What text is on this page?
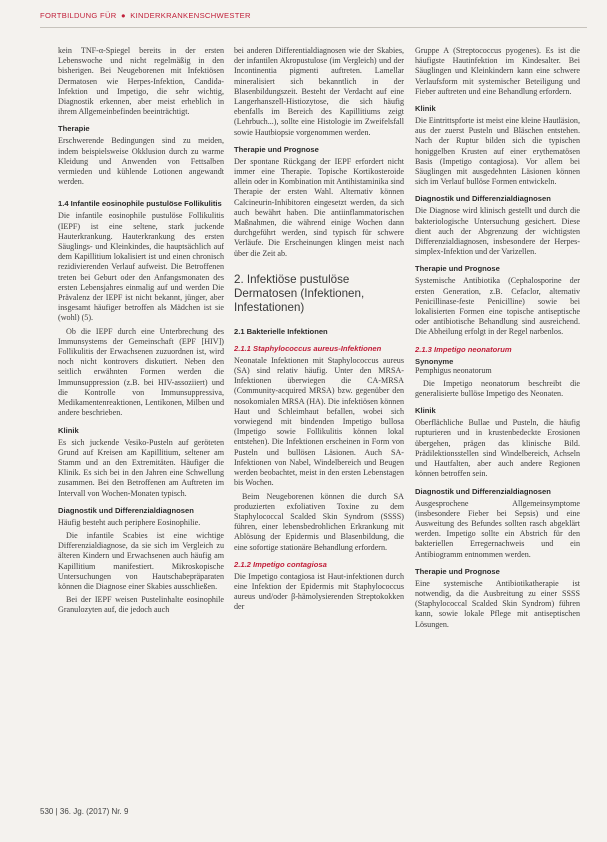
FORTBILDUNG FÜR ● KINDERKRANKENSCHWESTER

kein TNF-α-Spiegel bereits in der ersten Lebenswoche und nicht regelmäßig in den bisherigen. Bei Neugeborenen mit Infektiösen Dermatosen wie Herpes-Infektion, Candida-Infektion und Impetigo, die sehr wichtig, Diagnostik erkennen, aber meist erheblich in ihrem Allgemeinbefinden beeinträchtigt.

Therapie

Erschwerende Bedingungen sind zu meiden, indem beispielsweise Okklusion durch zu warme Kleidung und Anwenden von Fettsalben vermieden und kühlende Lotionen angewandt werden.

1.4 Infantile eosinophile pustulöse Follikulitis

Die infantile eosinophile pustulöse Follikulitis (IEPF) ist eine seltene, stark juckende Hauterkrankung. Hauterkrankung des ersten Säuglings- und Kleinkindes, die hauptsächlich auf dem Kapillitium lokalisiert ist und einen chronisch rezidivierenden Verlauf aufweist. Die Betroffenen treten bei Geburt oder den Anfangsmonaten des ersten Lebensjahres einmalig auf und werden Die Prävalenz der IEPF ist nicht bekannt, jünger, aber insgesamt häufiger betroffen als Mädchen ist sie (wohl) (5).

Ob die IEPF durch eine Unterbrechung des Immunsystems der Gemeinschaft (EPF [HIV]) Follikulitis der Erwachsenen zuzuordnen ist, wird noch nicht kontrovers diskutiert. Neben den seitlich erwähnten Formen werden die Immunsuppression (z.B. bei HIV-assoziiert) und die Kontrolle von Immunsuppressiva, Medikamentenreaktionen, Lentikonen, Milben und andere beschrieben.

Klinik

Es sich juckende Vesiko-Pusteln auf geröteten Grund auf Kreisen am Kapillitium, seltener am Stamm und an den Extremitäten. Häufiger die Klinik. Es sich bei in den Jahren eine Schwellung zusammen. Bei den Betroffenen am Auftreten im Intervall von Wochen-Monaten typisch.

Diagnostik und Differenzialdiagnosen

Häufig besteht auch periphere Eosinophilie.

Die infantile Scabies ist eine wichtige Differenzialdiagnose, da sie sich im Vergleich zu älteren Kindern und Erwachsenen auch häufig am Kapillitium manifestiert. Mikroskopische Untersuchungen von Hautschabepräparaten können die Diagnose einer Skabies ausschließen.

Bei der IEPF weisen Pustelinhalte eosinophile Granulozyten auf, die jedoch auch

bei anderen Differentialdiagnosen wie der Skabies, der infantilen Akropustulose (im Vergleich) und der Incontinentia pigmenti auftreten. Lamellar mineralisiert sich bekanntlich in der Blasenbildungszeit. Besteht der Verdacht auf eine Langerhanszell-Histiozytose, die sich häufig ebenfalls im Bereich des Kapillitiums zeigt (Lehrbuch...), sollte eine Histologie im Zweifelsfall sowie Hautbiopsie vorgenommen werden.

Therapie und Prognose

Der spontane Rückgang der IEPF erfordert nicht immer eine Therapie. Topische Kortikosteroide allein oder in Kombination mit Antihistaminika sind Therapie der ersten Wahl. Alternativ können Calcineurin-Inhibitoren eingesetzt werden, da sich auch bewährt haben. Die antiinflammatorischen Maßnahmen, die während einige Wochen dann durchgeführt werden, sind typisch für schwere Verläufe. Die Erscheinungen klingen meist nach über die Zeit ab.

2. Infektiöse pustulöse Dermatosen (Infektionen, Infestationen)
2.1 Bakterielle Infektionen
2.1.1 Staphylococcus aureus-Infektionen

Neonatale Infektionen mit Staphylococcus aureus (SA) sind relativ häufig. Unter den MRSA-Infektionen überwiegen die CA-MRSA (Community-acquired MRSA) bzw. gegenüber den nosokomialen MRSA (HA). Die infektiösen können Haut und Schleimhaut befallen, wobei sich vorwiegend mit bindenden Impetigo bullosa (Impetigo sowie Follikulitis können lokal entstehen). Die Infektionen erscheinen in Form von Pusteln und bullösen Läsionen. Auch SA-Infektionen von Nabel, Windelbereich und Beugen werden beobachtet, meist in den ersten Lebenstagen bis Wochen.

Beim Neugeborenen können die durch SA produzierten exfoliativen Toxine zu dem Staphylococcal Scalded Skin Syndrom (SSSS) führen, einer lebensbedrohlichen Erkrankung mit Ablösung der Epidermis und Blasenbildung, die eine sofortige stationäre Behandlung erfordern.

2.1.2 Impetigo contagiosa

Die Impetigo contagiosa ist Haut-infektionen durch eine Infektion der Epidermis mit Staphylococcus aureus und/oder β-hämolysierenden Streptokokken der

Gruppe A (Streptococcus pyogenes). Es ist die häufigste Hautinfektion im Kindesalter. Bei Säuglingen und Kleinkindern kann eine schwere Verlaufsform mit systemischer Beteiligung und Fieber auftreten und eine Behandlung erfordern.

Klinik

Die Eintrittspforte ist meist eine kleine Hautläsion, aus der zuerst Pusteln und Bläschen entstehen. Nach der Ruptur bilden sich die typischen honiggelben Krusten auf einer erythematösen Basis (Impetigo contagiosa). Vor allem bei Säuglingen mit ausgedehnten Läsionen können sich im Verlauf bullöse Formen entwickeln.

Diagnostik und Differenzialdiagnosen

Die Diagnose wird klinisch gestellt und durch die bakteriologische Untersuchung gesichert. Diese dient auch der Abgrenzung der wichtigsten Differenzialdiagnosen, insbesondere der Herpes-simplex-Infektion und der Varizellen.

Therapie und Prognose

Systemische Antibiotika (Cephalosporine der ersten Generation, z.B. Cefaclor, alternativ Penicillinase-feste Penicilline) sowie bei lokalisierten Formen eine topische antiseptische oder antibiotische Behandlung sind ausreichend. Die Abheilung erfolgt in der Regel narbenlos.

2.1.3 Impetigo neonatorum
Synonyme

Pemphigus neonatorum

Die Impetigo neonatorum beschreibt die generalisierte bullöse Impetigo des Neonaten.

Klinik

Oberflächliche Bullae und Pusteln, die häufig rupturieren und in krustenbedeckte Erosionen übergehen, prägen das klinische Bild. Prädilektionsstellen sind Windelbereich, Achseln und Hautfalten, aber auch andere Regionen können betroffen sein.

Diagnostik und Differenzialdiagnosen

Ausgesprochene Allgemeinsymptome (insbesondere Fieber bei Sepsis) und eine Ausweitung des Befundes sollten rasch abgeklärt werden. Impetigo sollte ein Abstrich für den bakteriellen Erregernachweis und ein Antibiogramm entnommen werden.

Therapie und Prognose

Eine systemische Antibiotikatherapie ist notwendig, da die Ausbreitung zu einer SSSS (Staphylococcal Scalded Skin Syndrom) führen kann, sowie lokale Pflege mit antiseptischen Lösungen.

530 | 36. Jg. (2017) Nr. 9
